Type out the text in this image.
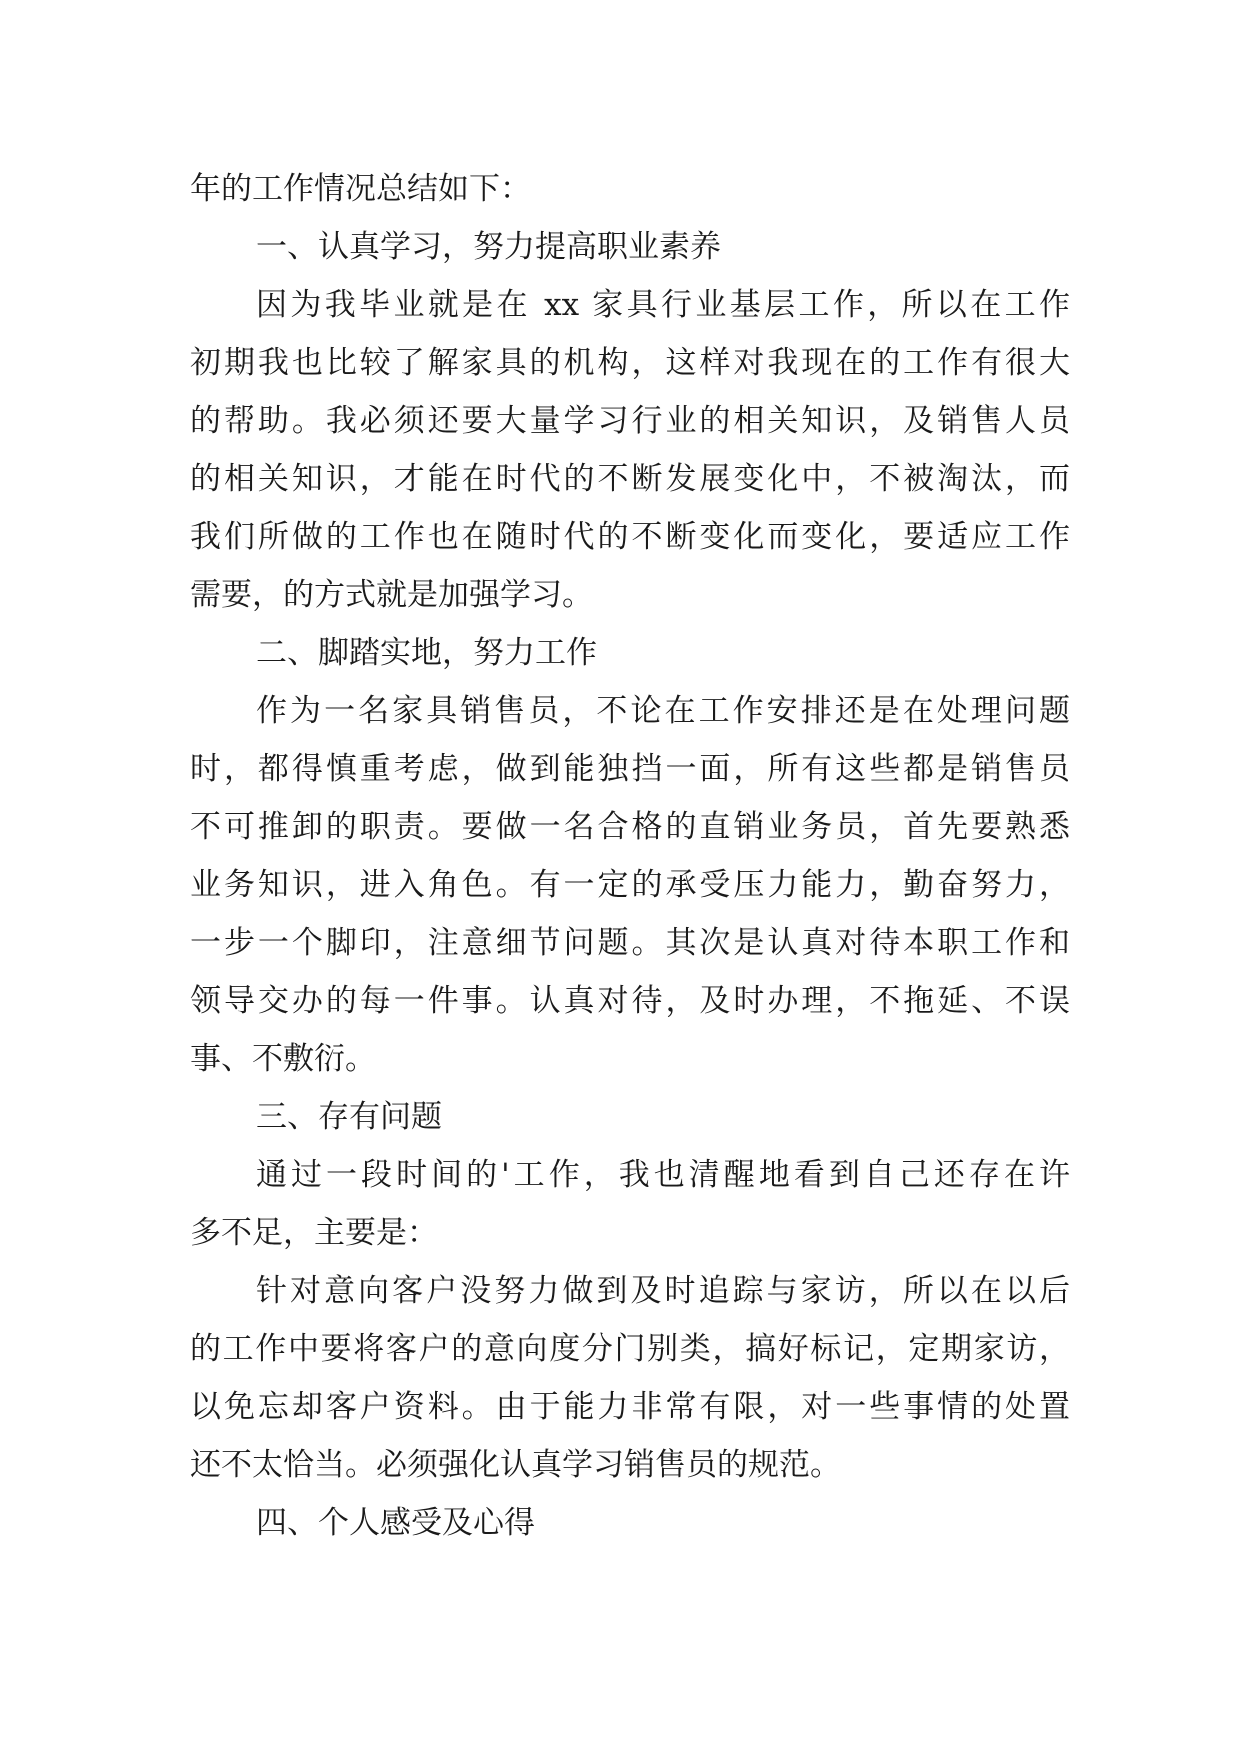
年的工作情况总结如下：
一、认真学习，努力提高职业素养
因为我毕业就是在 xx 家具行业基层工作，所以在工作
初期我也比较了解家具的机构，这样对我现在的工作有很大
的帮助。我必须还要大量学习行业的相关知识，及销售人员
的相关知识，才能在时代的不断发展变化中，不被淘汰，而
我们所做的工作也在随时代的不断变化而变化，要适应工作
需要，的方式就是加强学习。
二、脚踏实地，努力工作
作为一名家具销售员，不论在工作安排还是在处理问题
时，都得慎重考虑，做到能独挡一面，所有这些都是销售员
不可推卸的职责。要做一名合格的直销业务员，首先要熟悉
业务知识，进入角色。有一定的承受压力能力，勤奋努力，
一步一个脚印，注意细节问题。其次是认真对待本职工作和
领导交办的每一件事。认真对待，及时办理，不拖延、不误
事、不敷衍。
三、存有问题
通过一段时间的'工作，我也清醒地看到自己还存在许
多不足，主要是：
针对意向客户没努力做到及时追踪与家访，所以在以后
的工作中要将客户的意向度分门别类，搞好标记，定期家访，
以免忘却客户资料。由于能力非常有限，对一些事情的处置
还不太恰当。必须强化认真学习销售员的规范。
四、个人感受及心得
